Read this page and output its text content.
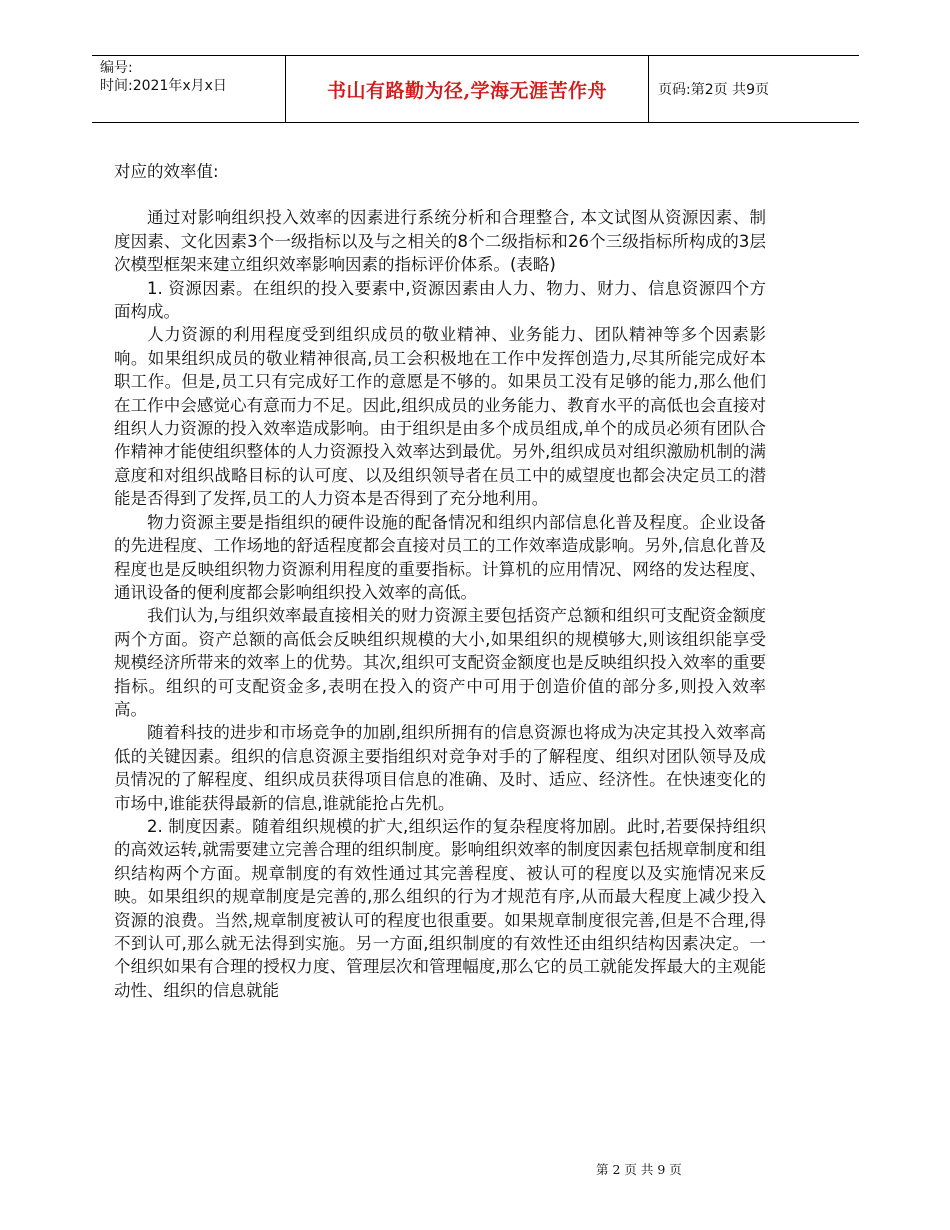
编号:
时间:2021年x月x日	书山有路勤为径,学海无涯苦作舟	页码:第2页 共9页

对应的效率值:

通过对影响组织投入效率的因素进行系统分析和合理整合, 本文试图从资源因素、制度因素、文化因素3个一级指标以及与之相关的8个二级指标和26个三级指标所构成的3层次模型框架来建立组织效率影响因素的指标评价体系。(表略)

1. 资源因素。在组织的投入要素中,资源因素由人力、物力、财力、信息资源四个方面构成。

人力资源的利用程度受到组织成员的敬业精神、业务能力、团队精神等多个因素影响。如果组织成员的敬业精神很高,员工会积极地在工作中发挥创造力,尽其所能完成好本职工作。但是,员工只有完成好工作的意愿是不够的。如果员工没有足够的能力,那么他们在工作中会感觉心有意而力不足。因此,组织成员的业务能力、教育水平的高低也会直接对组织人力资源的投入效率造成影响。由于组织是由多个成员组成,单个的成员必须有团队合作精神才能使组织整体的人力资源投入效率达到最优。另外,组织成员对组织激励机制的满意度和对组织战略目标的认可度、以及组织领导者在员工中的威望度也都会决定员工的潜能是否得到了发挥,员工的人力资本是否得到了充分地利用。

物力资源主要是指组织的硬件设施的配备情况和组织内部信息化普及程度。企业设备的先进程度、工作场地的舒适程度都会直接对员工的工作效率造成影响。另外,信息化普及程度也是反映组织物力资源利用程度的重要指标。计算机的应用情况、网络的发达程度、通讯设备的便利度都会影响组织投入效率的高低。

我们认为,与组织效率最直接相关的财力资源主要包括资产总额和组织可支配资金额度两个方面。资产总额的高低会反映组织规模的大小,如果组织的规模够大,则该组织能享受规模经济所带来的效率上的优势。其次,组织可支配资金额度也是反映组织投入效率的重要指标。组织的可支配资金多,表明在投入的资产中可用于创造价值的部分多,则投入效率高。

随着科技的进步和市场竞争的加剧,组织所拥有的信息资源也将成为决定其投入效率高低的关键因素。组织的信息资源主要指组织对竞争对手的了解程度、组织对团队领导及成员情况的了解程度、组织成员获得项目信息的准确、及时、适应、经济性。在快速变化的市场中,谁能获得最新的信息,谁就能抢占先机。

2. 制度因素。随着组织规模的扩大,组织运作的复杂程度将加剧。此时,若要保持组织的高效运转,就需要建立完善合理的组织制度。影响组织效率的制度因素包括规章制度和组织结构两个方面。规章制度的有效性通过其完善程度、被认可的程度以及实施情况来反映。如果组织的规章制度是完善的,那么组织的行为才规范有序,从而最大程度上减少投入资源的浪费。当然,规章制度被认可的程度也很重要。如果规章制度很完善,但是不合理,得不到认可,那么就无法得到实施。另一方面,组织制度的有效性还由组织结构因素决定。一个组织如果有合理的授权力度、管理层次和管理幅度,那么它的员工就能发挥最大的主观能动性、组织的信息就能

第 2 页 共 9 页
